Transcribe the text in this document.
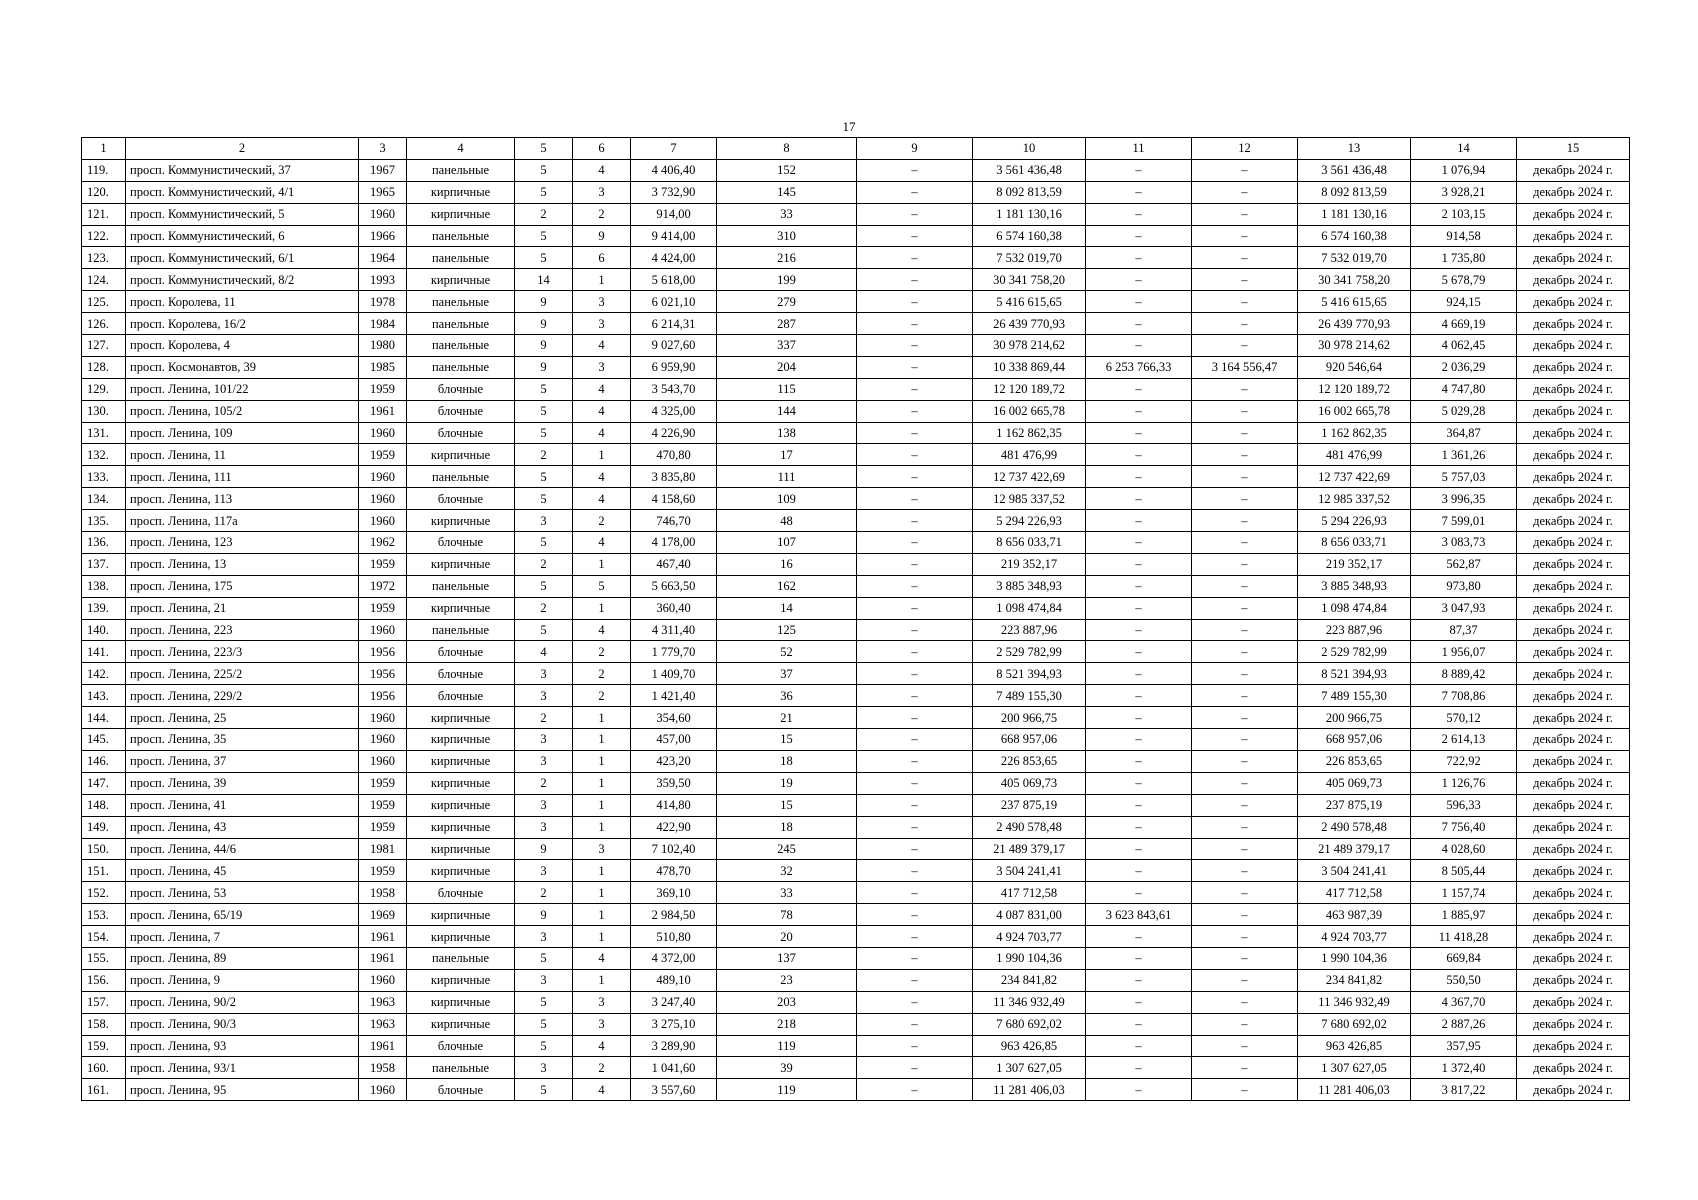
17
1	2	3	4	5	6	7	8	9	10	11	12	13	14	15
119.	просп. Коммунистический, 37	1967	панельные	5	4	4 406,40	152	–	3 561 436,48	–	–	3 561 436,48	1 076,94	декабрь 2024 г.
120.	просп. Коммунистический, 4/1	1965	кирпичные	5	3	3 732,90	145	–	8 092 813,59	–	–	8 092 813,59	3 928,21	декабрь 2024 г.
121.	просп. Коммунистический, 5	1960	кирпичные	2	2	914,00	33	–	1 181 130,16	–	–	1 181 130,16	2 103,15	декабрь 2024 г.
122.	просп. Коммунистический, 6	1966	панельные	5	9	9 414,00	310	–	6 574 160,38	–	–	6 574 160,38	914,58	декабрь 2024 г.
123.	просп. Коммунистический, 6/1	1964	панельные	5	6	4 424,00	216	–	7 532 019,70	–	–	7 532 019,70	1 735,80	декабрь 2024 г.
124.	просп. Коммунистический, 8/2	1993	кирпичные	14	1	5 618,00	199	–	30 341 758,20	–	–	30 341 758,20	5 678,79	декабрь 2024 г.
125.	просп. Королева, 11	1978	панельные	9	3	6 021,10	279	–	5 416 615,65	–	–	5 416 615,65	924,15	декабрь 2024 г.
126.	просп. Королева, 16/2	1984	панельные	9	3	6 214,31	287	–	26 439 770,93	–	–	26 439 770,93	4 669,19	декабрь 2024 г.
127.	просп. Королева, 4	1980	панельные	9	4	9 027,60	337	–	30 978 214,62	–	–	30 978 214,62	4 062,45	декабрь 2024 г.
128.	просп. Космонавтов, 39	1985	панельные	9	3	6 959,90	204	–	10 338 869,44	6 253 766,33	3 164 556,47	920 546,64	2 036,29	декабрь 2024 г.
129.	просп. Ленина, 101/22	1959	блочные	5	4	3 543,70	115	–	12 120 189,72	–	–	12 120 189,72	4 747,80	декабрь 2024 г.
130.	просп. Ленина, 105/2	1961	блочные	5	4	4 325,00	144	–	16 002 665,78	–	–	16 002 665,78	5 029,28	декабрь 2024 г.
131.	просп. Ленина, 109	1960	блочные	5	4	4 226,90	138	–	1 162 862,35	–	–	1 162 862,35	364,87	декабрь 2024 г.
132.	просп. Ленина, 11	1959	кирпичные	2	1	470,80	17	–	481 476,99	–	–	481 476,99	1 361,26	декабрь 2024 г.
133.	просп. Ленина, 111	1960	панельные	5	4	3 835,80	111	–	12 737 422,69	–	–	12 737 422,69	5 757,03	декабрь 2024 г.
134.	просп. Ленина, 113	1960	блочные	5	4	4 158,60	109	–	12 985 337,52	–	–	12 985 337,52	3 996,35	декабрь 2024 г.
135.	просп. Ленина, 117а	1960	кирпичные	3	2	746,70	48	–	5 294 226,93	–	–	5 294 226,93	7 599,01	декабрь 2024 г.
136.	просп. Ленина, 123	1962	блочные	5	4	4 178,00	107	–	8 656 033,71	–	–	8 656 033,71	3 083,73	декабрь 2024 г.
137.	просп. Ленина, 13	1959	кирпичные	2	1	467,40	16	–	219 352,17	–	–	219 352,17	562,87	декабрь 2024 г.
138.	просп. Ленина, 175	1972	панельные	5	5	5 663,50	162	–	3 885 348,93	–	–	3 885 348,93	973,80	декабрь 2024 г.
139.	просп. Ленина, 21	1959	кирпичные	2	1	360,40	14	–	1 098 474,84	–	–	1 098 474,84	3 047,93	декабрь 2024 г.
140.	просп. Ленина, 223	1960	панельные	5	4	4 311,40	125	–	223 887,96	–	–	223 887,96	87,37	декабрь 2024 г.
141.	просп. Ленина, 223/3	1956	блочные	4	2	1 779,70	52	–	2 529 782,99	–	–	2 529 782,99	1 956,07	декабрь 2024 г.
142.	просп. Ленина, 225/2	1956	блочные	3	2	1 409,70	37	–	8 521 394,93	–	–	8 521 394,93	8 889,42	декабрь 2024 г.
143.	просп. Ленина, 229/2	1956	блочные	3	2	1 421,40	36	–	7 489 155,30	–	–	7 489 155,30	7 708,86	декабрь 2024 г.
144.	просп. Ленина, 25	1960	кирпичные	2	1	354,60	21	–	200 966,75	–	–	200 966,75	570,12	декабрь 2024 г.
145.	просп. Ленина, 35	1960	кирпичные	3	1	457,00	15	–	668 957,06	–	–	668 957,06	2 614,13	декабрь 2024 г.
146.	просп. Ленина, 37	1960	кирпичные	3	1	423,20	18	–	226 853,65	–	–	226 853,65	722,92	декабрь 2024 г.
147.	просп. Ленина, 39	1959	кирпичные	2	1	359,50	19	–	405 069,73	–	–	405 069,73	1 126,76	декабрь 2024 г.
148.	просп. Ленина, 41	1959	кирпичные	3	1	414,80	15	–	237 875,19	–	–	237 875,19	596,33	декабрь 2024 г.
149.	просп. Ленина, 43	1959	кирпичные	3	1	422,90	18	–	2 490 578,48	–	–	2 490 578,48	7 756,40	декабрь 2024 г.
150.	просп. Ленина, 44/6	1981	кирпичные	9	3	7 102,40	245	–	21 489 379,17	–	–	21 489 379,17	4 028,60	декабрь 2024 г.
151.	просп. Ленина, 45	1959	кирпичные	3	1	478,70	32	–	3 504 241,41	–	–	3 504 241,41	8 505,44	декабрь 2024 г.
152.	просп. Ленина, 53	1958	блочные	2	1	369,10	33	–	417 712,58	–	–	417 712,58	1 157,74	декабрь 2024 г.
153.	просп. Ленина, 65/19	1969	кирпичные	9	1	2 984,50	78	–	4 087 831,00	3 623 843,61	–	463 987,39	1 885,97	декабрь 2024 г.
154.	просп. Ленина, 7	1961	кирпичные	3	1	510,80	20	–	4 924 703,77	–	–	4 924 703,77	11 418,28	декабрь 2024 г.
155.	просп. Ленина, 89	1961	панельные	5	4	4 372,00	137	–	1 990 104,36	–	–	1 990 104,36	669,84	декабрь 2024 г.
156.	просп. Ленина, 9	1960	кирпичные	3	1	489,10	23	–	234 841,82	–	–	234 841,82	550,50	декабрь 2024 г.
157.	просп. Ленина, 90/2	1963	кирпичные	5	3	3 247,40	203	–	11 346 932,49	–	–	11 346 932,49	4 367,70	декабрь 2024 г.
158.	просп. Ленина, 90/3	1963	кирпичные	5	3	3 275,10	218	–	7 680 692,02	–	–	7 680 692,02	2 887,26	декабрь 2024 г.
159.	просп. Ленина, 93	1961	блочные	5	4	3 289,90	119	–	963 426,85	–	–	963 426,85	357,95	декабрь 2024 г.
160.	просп. Ленина, 93/1	1958	панельные	3	2	1 041,60	39	–	1 307 627,05	–	–	1 307 627,05	1 372,40	декабрь 2024 г.
161.	просп. Ленина, 95	1960	блочные	5	4	3 557,60	119	–	11 281 406,03	–	–	11 281 406,03	3 817,22	декабрь 2024 г.
